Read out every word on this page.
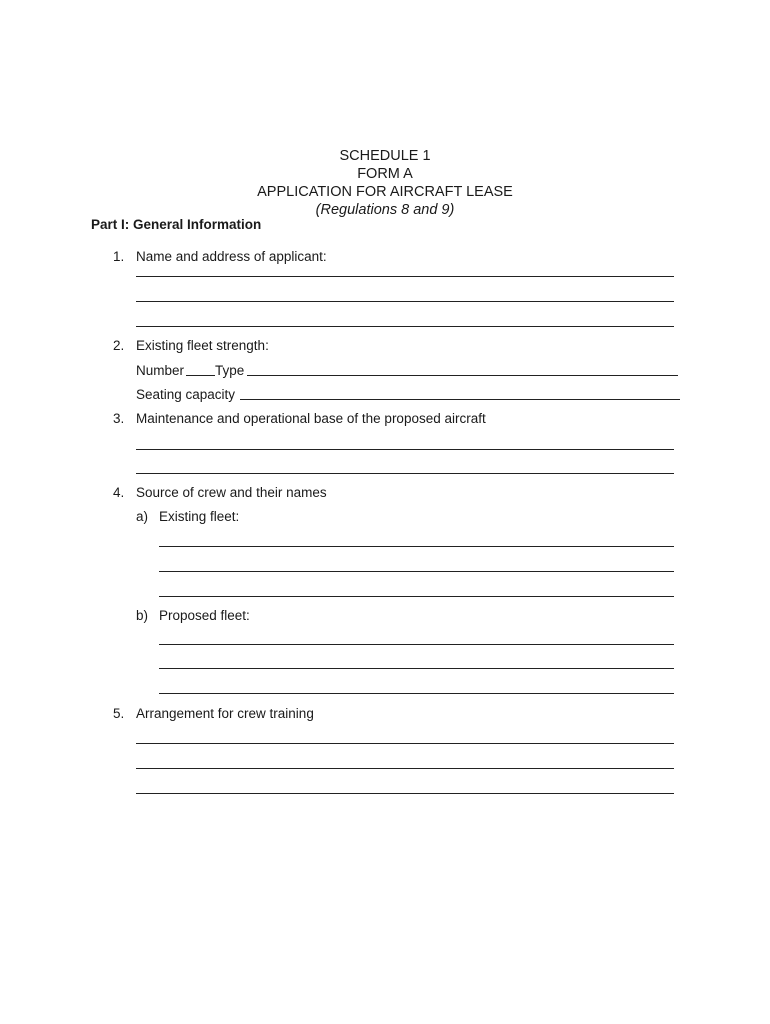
SCHEDULE 1
FORM A
APPLICATION FOR AIRCRAFT LEASE
(Regulations 8 and 9)
Part I: General Information
1. Name and address of applicant:
2. Existing fleet strength:
Number Type
Seating capacity
3. Maintenance and operational base of the proposed aircraft
4. Source of crew and their names
a) Existing fleet:
b) Proposed fleet:
5. Arrangement for crew training
